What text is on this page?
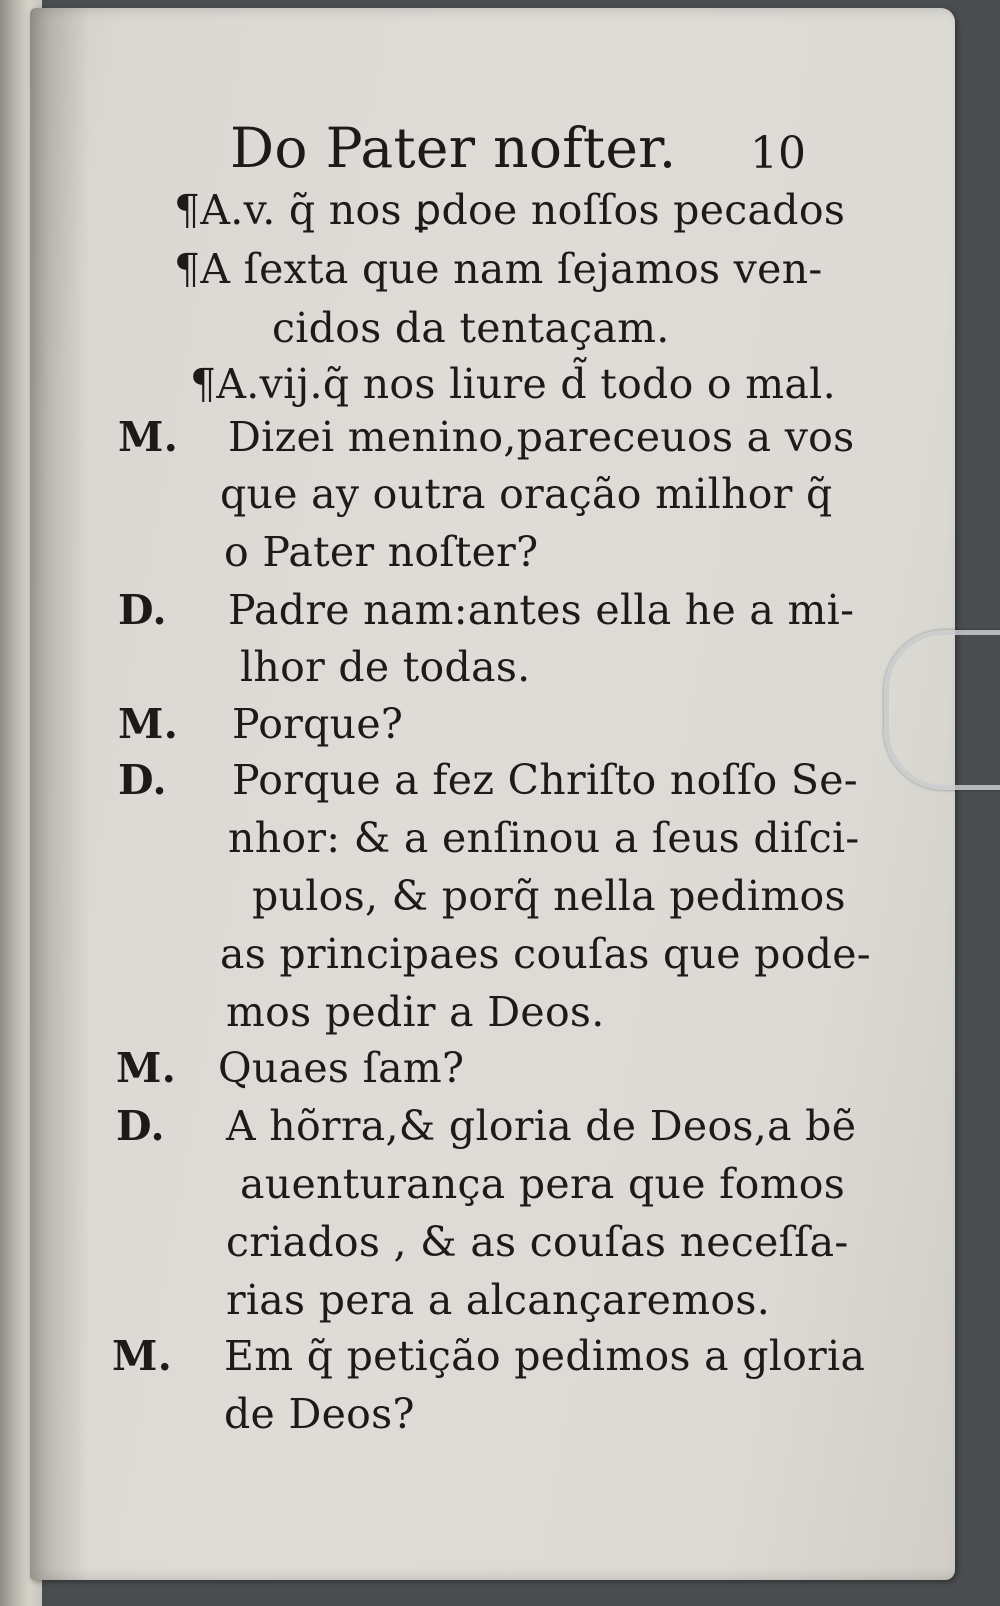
Do Pater nofter. 10
¶A.v. q̃ nos ꝑdoe noſſos pecados
¶A ſexta que nam ſejamos ven-
cidos da tentaçam.
¶A.vij.q̃ nos liure d̃ todo o mal.
M. Dizei menino,pareceuos a vos
que ay outra oração milhor q̃
o Pater noſter?
D. Padre nam:antes ella he a mi-
lhor de todas.
M. Porque?
D. Porque a fez Chriſto noſſo Se-
nhor: & a enſinou a ſeus diſci-
pulos, & porq̃ nella pedimos
as principaes couſas que pode-
mos pedir a Deos.
M. Quaes ſam?
D. A hõrra,& gloria de Deos,a bẽ
auenturança pera que fomos
criados , & as couſas neceſſa-
rias pera a alcançaremos.
M. Em q̃ petição pedimos a gloria
de Deos?
